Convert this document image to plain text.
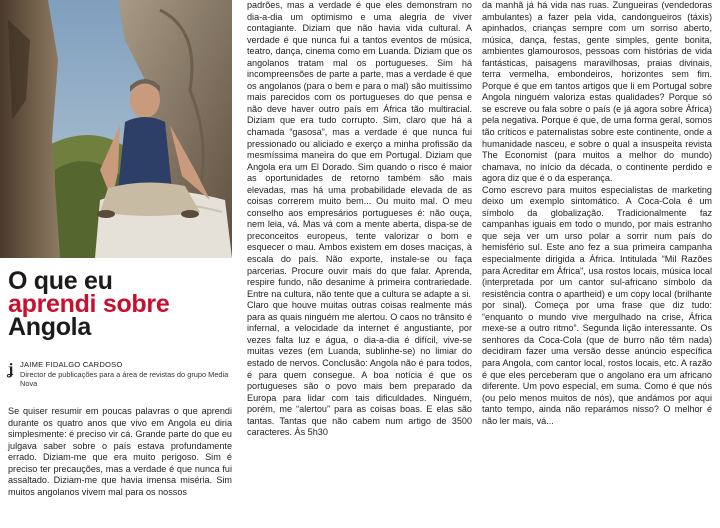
O que eu
aprendi sobre
Angola
ʝ JAIME FIDALGO CARDOSO
Director de publicações para a área de revistas do grupo Media Nova

Se quiser resumir em poucas palavras o que aprendi durante os quatro anos que vivo em Angola eu diria simplesmente: é preciso vir cá. Grande parte do que eu julgava saber sobre o país estava profundamente errado. Diziam-me que era muito perigoso. Sim é preciso ter precauções, mas a verdade é que nunca fui assaltado. Diziam-me que havia imensa miséria. Sim muitos angolanos vivem mal para os nossos

padrões, mas a verdade é que eles demonstram no dia-a-dia um optimismo e uma alegria de viver contagiante. Diziam que não havia vida cultural. A verdade é que nunca fui a tantos eventos de música, teatro, dança, cinema como em Luanda. Diziam que os angolanos tratam mal os portugueses. Sim há incompreensões de parte a parte, mas a verdade é que os angolanos (para o bem e para o mal) são muitíssimo mais parecidos com os portugueses do que pensa e não deve haver outro país em África tão multiracial. Diziam que era tudo corrupto. Sim, claro que há a chamada “gasosa”, mas a verdade é que nunca fui pressionado ou aliciado e exerço a minha profissão da mesmíssima maneira do que em Portugal. Diziam que Angola era um El Dorado. Sim quando o risco é maior as oportunidades de retorno também são mais elevadas, mas há uma probabilidade elevada de as coisas correrem muito bem... Ou muito mal. O meu conselho aos empresários portugueses é: não ouça, nem leia, vá. Mas vá com a mente aberta, dispa-se de preconceitos europeus, tente valorizar o bom e esquecer o mau. Ambos existem em doses maciças, à escala do país. Não exporte, instale-se ou faça parcerias. Procure ouvir mais do que falar. Aprenda, respire fundo, não desanime à primeira contrariedade. Entre na cultura, não tente que a cultura se adapte a si.

Claro que houve muitas outras coisas realmente más para as quais ninguém me alertou. O caos no trânsito é infernal, a velocidade da internet é angustiante, por vezes falta luz e água, o dia-a-dia é difícil, vive-se muitas vezes (em Luanda, sublinhe-se) no limiar do estado de nervos. Conclusão: Angola não é para todos, é para quem consegue. A boa notícia é que os portugueses são o povo mais bem preparado da Europa para lidar com tais dificuldades. Ninguém, porém, me “alertou” para as coisas boas. E elas são tantas. Tantas que não cabem num artigo de 3500 caracteres. Às 5h30

da manhã já há vida nas ruas. Zungueiras (vendedoras ambulantes) a fazer pela vida, candongueiros (táxis) apinhados, crianças sempre com um sorriso aberto, música, dança, festas, gente simples, gente bonita, ambientes glamourosos, pessoas com histórias de vida fantásticas, paisagens maravilhosas, praias divinais, terra vermelha, embondeiros, horizontes sem fim. Porque é que em tantos artigos que li em Portugal sobre Angola ninguém valoriza estas qualidades? Porque só se escreve ou fala sobre o país (e já agora sobre África) pela negativa. Porque é que, de uma forma geral, somos tão críticos e paternalistas sobre este continente, onde a humanidade nasceu, e sobre o qual a insuspeita revista The Economist (para muitos a melhor do mundo) chamava, no início da década, o continente perdido e agora diz que é o da esperança.

Como escrevo para muitos especialistas de marketing deixo um exemplo sintomático. A Coca-Cola é um símbolo da globalização. Tradicionalmente faz campanhas iguais em todo o mundo, por mais estranho que seja ver um urso polar a sorrir num país do hemisfério sul. Este ano fez a sua primeira campanha especialmente dirigida a África. Intitulada “Mil Razões para Acreditar em África”, usa rostos locais, música local (interpretada por um cantor sul-africano símbolo da resistência contra o apartheid) e um copy local (brilhante por sinal). Começa por uma frase que diz tudo: “enquanto o mundo vive mergulhado na crise, África mexe-se a outro ritmo”. Segunda lição interessante. Os senhores da Coca-Cola (que de burro não têm nada) decidiram fazer uma versão desse anúncio específica para Angola, com cantor local, rostos locais, etc. A razão é que eles perceberam que o angolano era um africano diferente. Um povo especial, em suma. Como é que nós (ou pelo menos muitos de nós), que andámos por aqui tanto tempo, ainda não reparámos nisso? O melhor é não ler mais, vá...
